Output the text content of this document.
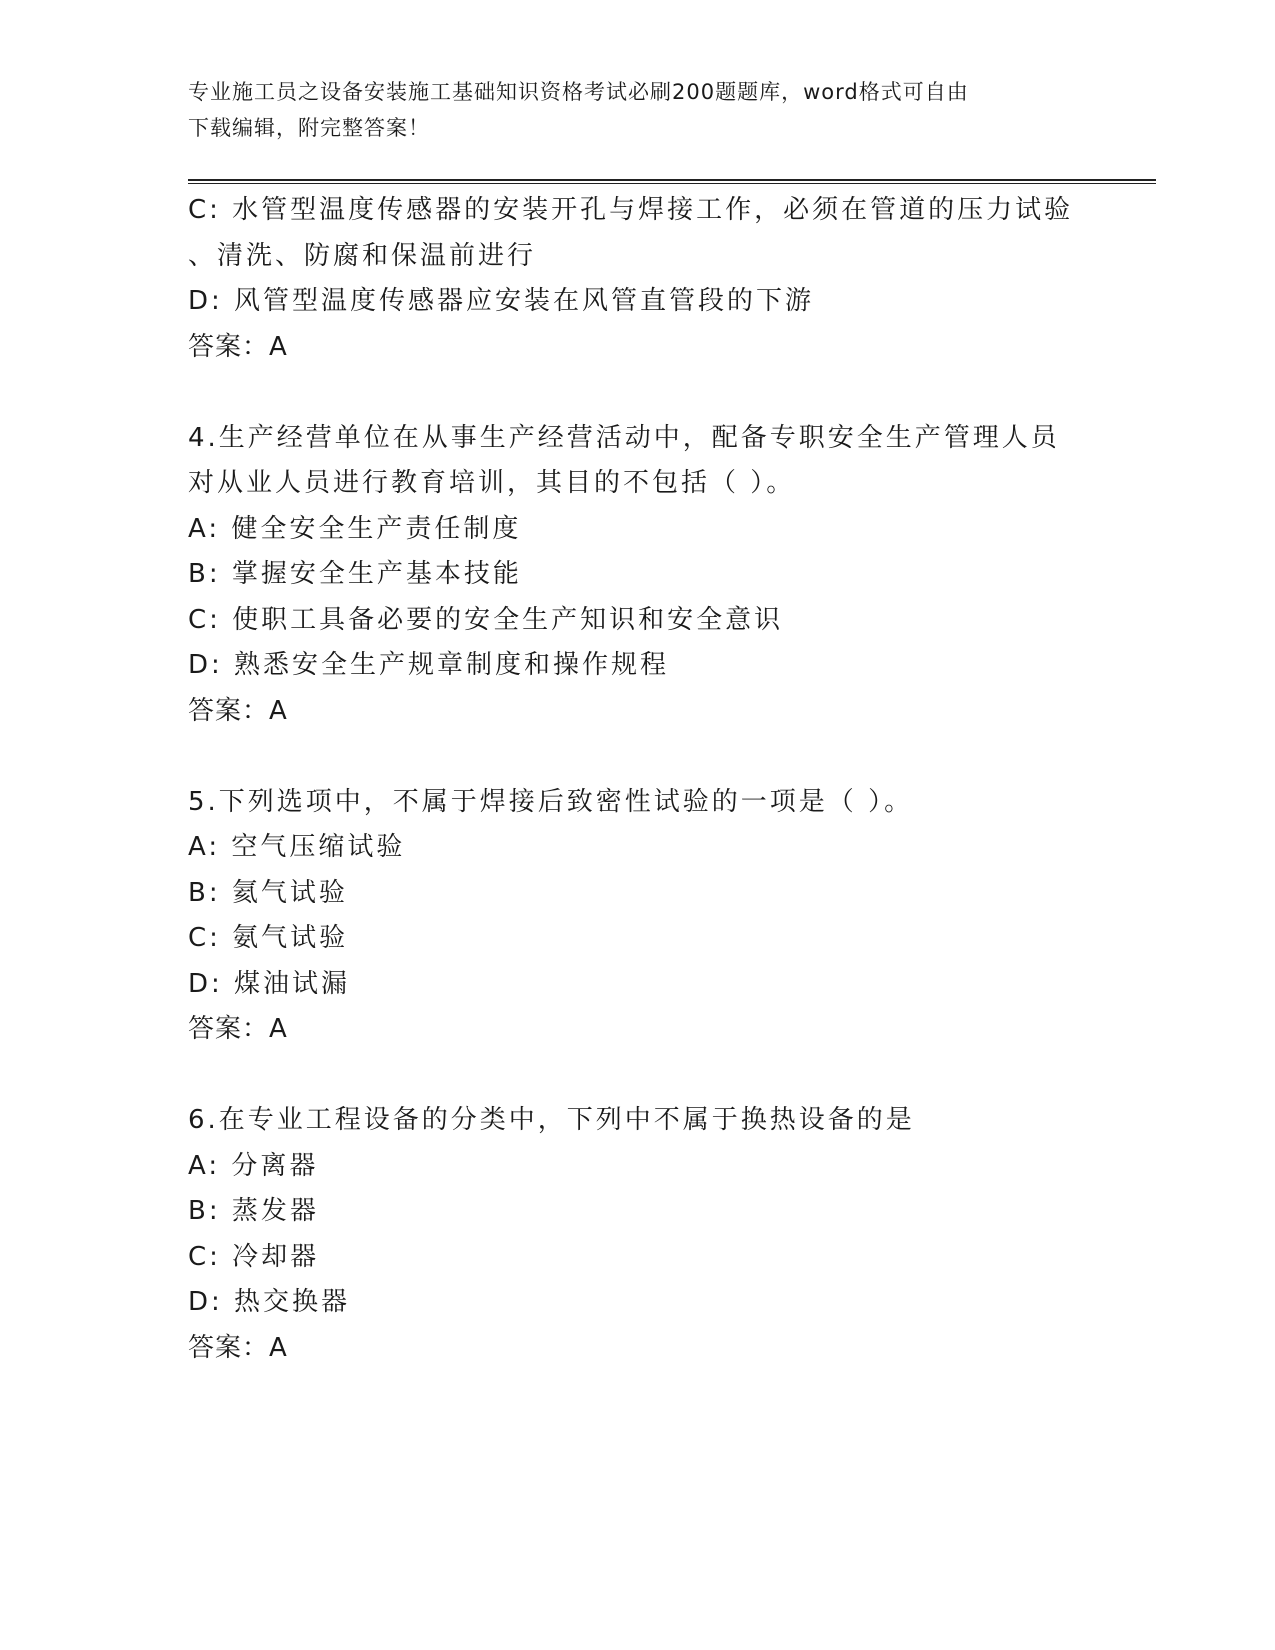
专业施工员之设备安装施工基础知识资格考试必刷200题题库，word格式可自由
下载编辑，附完整答案！
C: 水管型温度传感器的安装开孔与焊接工作，必须在管道的压力试验
、清洗、防腐和保温前进行
D: 风管型温度传感器应安装在风管直管段的下游
答案：A
4.生产经营单位在从事生产经营活动中，配备专职安全生产管理人员
对从业人员进行教育培训，其目的不包括（ ）。
A: 健全安全生产责任制度
B: 掌握安全生产基本技能
C: 使职工具备必要的安全生产知识和安全意识
D: 熟悉安全生产规章制度和操作规程
答案：A
5.下列选项中，不属于焊接后致密性试验的一项是（ ）。
A: 空气压缩试验
B: 氦气试验
C: 氨气试验
D: 煤油试漏
答案：A
6.在专业工程设备的分类中，下列中不属于换热设备的是
A: 分离器
B: 蒸发器
C: 冷却器
D: 热交换器
答案：A
